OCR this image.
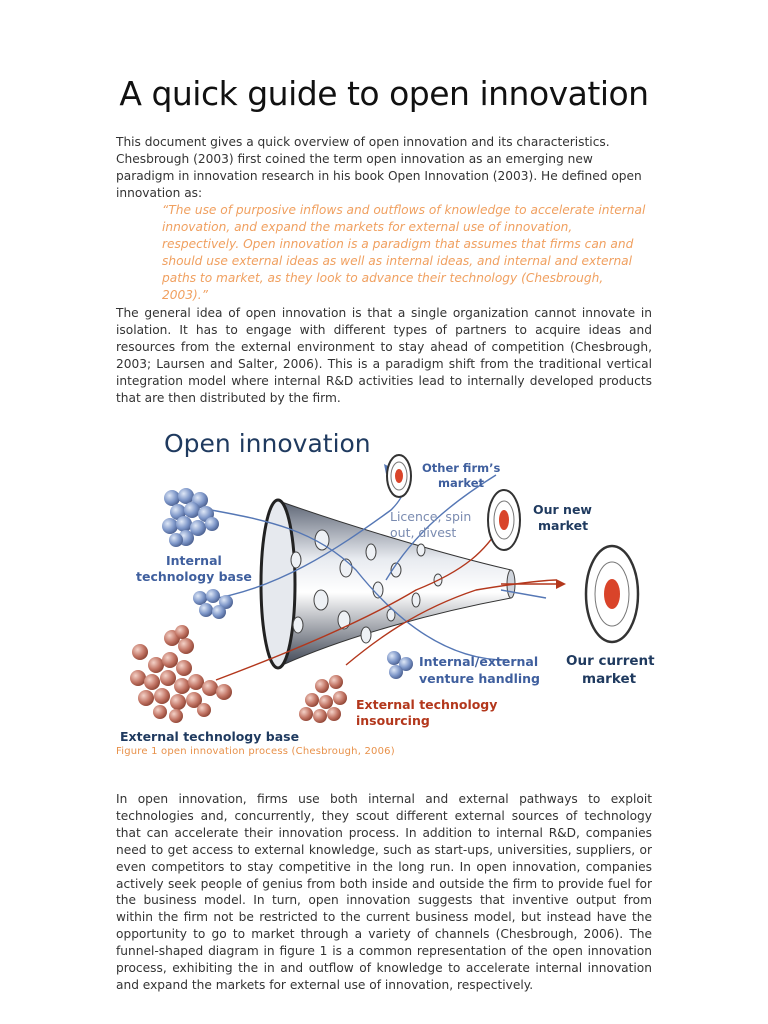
A quick guide to open innovation

This document gives a quick overview of open innovation and its characteristics. Chesbrough (2003) first coined the term open innovation as an emerging new paradigm in innovation research in his book Open Innovation (2003). He defined open innovation as:

“The use of purposive inflows and outflows of knowledge to accelerate internal innovation, and expand the markets for external use of innovation, respectively. Open innovation is a paradigm that assumes that firms can and should use external ideas as well as internal ideas, and internal and external paths to market, as they look to advance their technology (Chesbrough, 2003).”

The general idea of open innovation is that a single organization cannot innovate in isolation. It has to engage with different types of partners to acquire ideas and resources from the external environment to stay ahead of competition (Chesbrough, 2003; Laursen and Salter, 2006). This is a paradigm shift from the traditional vertical integration model where internal R&D activities lead to internally developed products that are then distributed by the firm.

Open innovation
Other firm’s
market
Internal
technology base
Internal/external
venture handling
Licence, spin
out, divest
Our new
market
Our current
market
External technology base
External technology
insourcing
Figure 1 open innovation process (Chesbrough, 2006)

In open innovation, firms use both internal and external pathways to exploit technologies and, concurrently, they scout different external sources of technology that can accelerate their innovation process. In addition to internal R&D, companies need to get access to external knowledge, such as start-ups, universities, suppliers, or even competitors to stay competitive in the long run. In open innovation, companies actively seek people of genius from both inside and outside the firm to provide fuel for the business model. In turn, open innovation suggests that inventive output from within the firm not be restricted to the current business model, but instead have the opportunity to go to market through a variety of channels (Chesbrough, 2006). The funnel-shaped diagram in figure 1 is a common representation of the open innovation process, exhibiting the in and outflow of knowledge to accelerate internal innovation and expand the markets for external use of innovation, respectively.
